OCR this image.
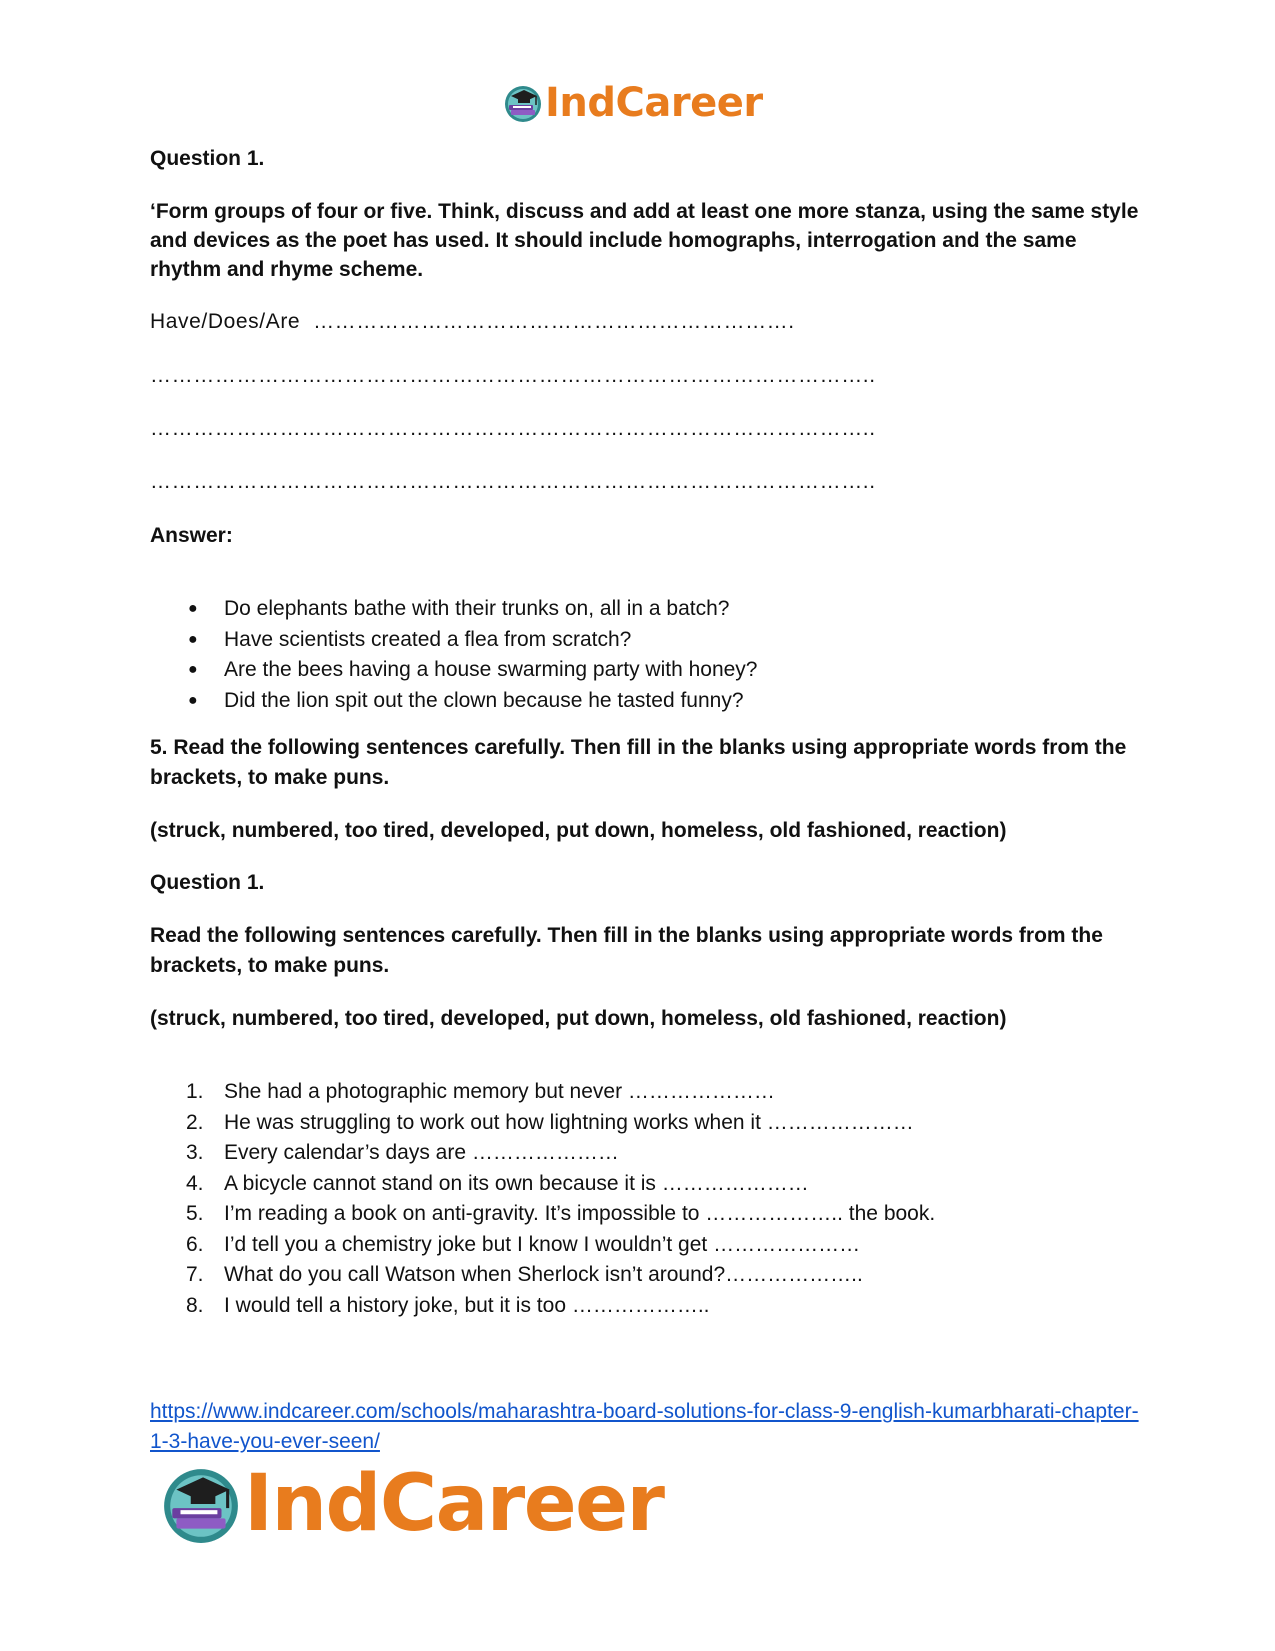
IndCareer
Question 1.
‘Form groups of four or five. Think, discuss and add at least one more stanza, using the same style and devices as the poet has used. It should include homographs, interrogation and the same rhythm and rhyme scheme.
Have/Does/Are ………………………………………………………….
………………………………………………………………………………………..
………………………………………………………………………………………..
………………………………………………………………………………………..
Answer:
● Do elephants bathe with their trunks on, all in a batch?
● Have scientists created a flea from scratch?
● Are the bees having a house swarming party with honey?
● Did the lion spit out the clown because he tasted funny?
5. Read the following sentences carefully. Then fill in the blanks using appropriate words from the brackets, to make puns.
(struck, numbered, too tired, developed, put down, homeless, old fashioned, reaction)
Question 1.
Read the following sentences carefully. Then fill in the blanks using appropriate words from the brackets, to make puns.
(struck, numbered, too tired, developed, put down, homeless, old fashioned, reaction)
1. She had a photographic memory but never …………………
2. He was struggling to work out how lightning works when it …………………
3. Every calendar’s days are …………………
4. A bicycle cannot stand on its own because it is …………………
5. I’m reading a book on anti-gravity. It’s impossible to ……………….. the book.
6. I’d tell you a chemistry joke but I know I wouldn’t get …………………
7. What do you call Watson when Sherlock isn’t around?………………..
8. I would tell a history joke, but it is too ………………..
https://www.indcareer.com/schools/maharashtra-board-solutions-for-class-9-english-kumarbharati-chapter-1-3-have-you-ever-seen/
IndCareer
